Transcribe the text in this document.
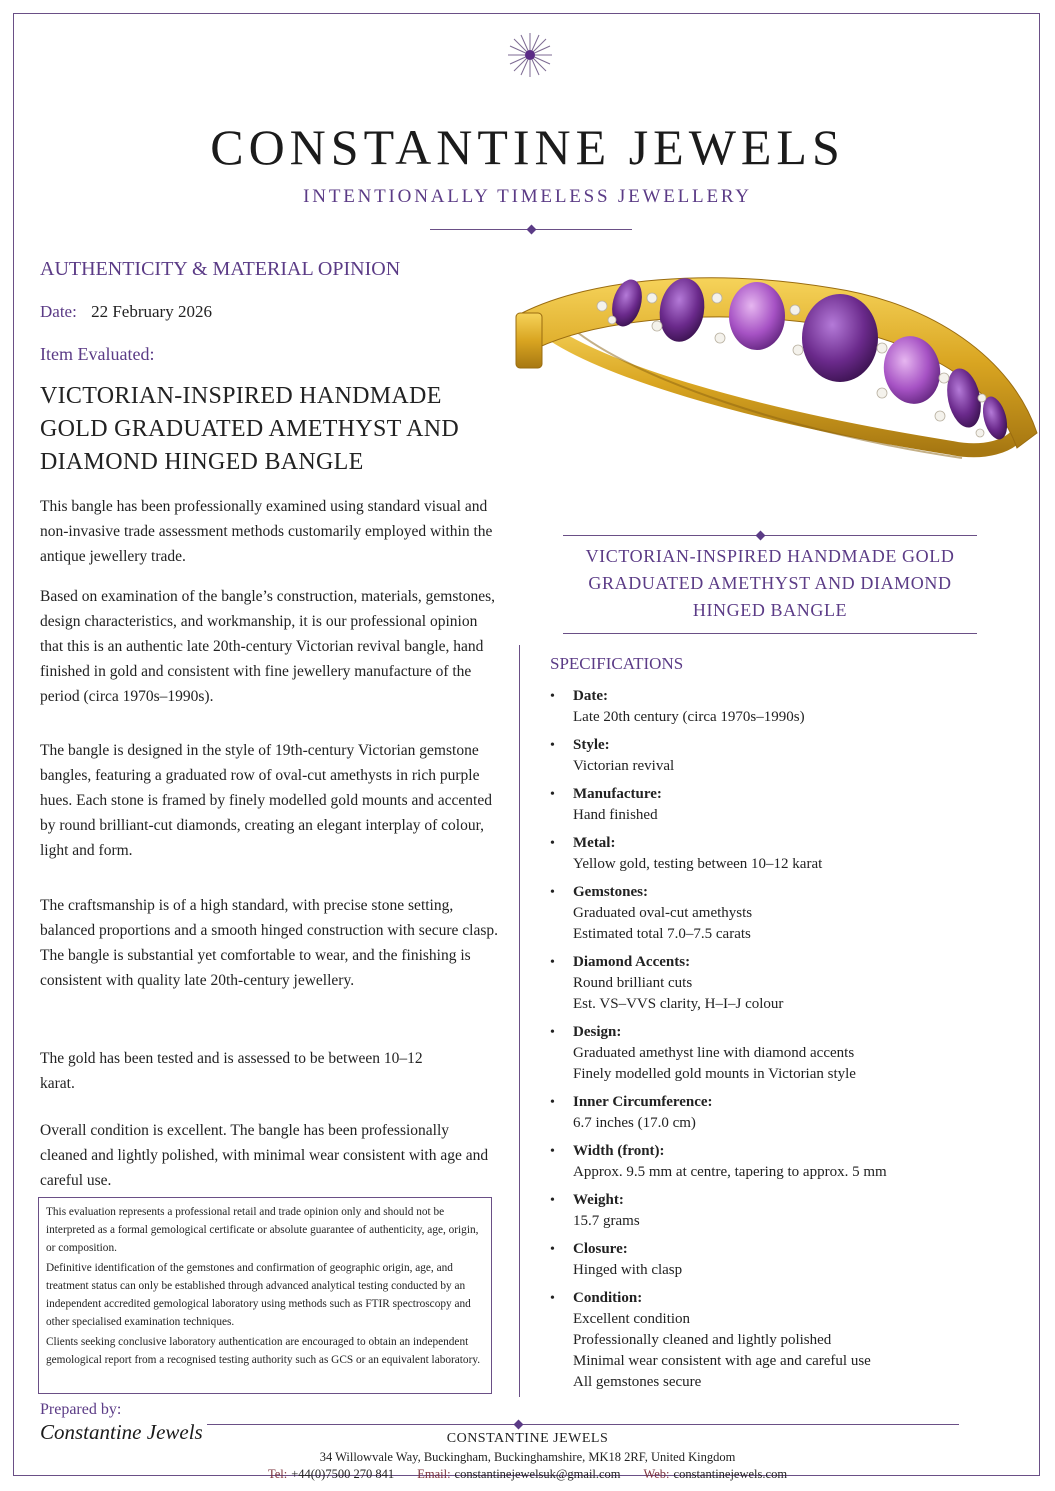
CONSTANTINE JEWELS
INTENTIONALLY TIMELESS JEWELLERY
AUTHENTICITY & MATERIAL OPINION
Date: 22 February 2026
Item Evaluated:
VICTORIAN-INSPIRED HANDMADE GOLD GRADUATED AMETHYST AND DIAMOND HINGED BANGLE
This bangle has been professionally examined using standard visual and non-invasive trade assessment methods customarily employed within the antique jewellery trade.
Based on examination of the bangle’s construction, materials, gemstones, design characteristics, and workmanship, it is our professional opinion that this is an authentic late 20th-century Victorian revival bangle, hand finished in gold and consistent with fine jewellery manufacture of the period (circa 1970s–1990s).
The bangle is designed in the style of 19th-century Victorian gemstone bangles, featuring a graduated row of oval-cut amethysts in rich purple hues. Each stone is framed by finely modelled gold mounts and accented by round brilliant-cut diamonds, creating an elegant interplay of colour, light and form.
The craftsmanship is of a high standard, with precise stone setting, balanced proportions and a smooth hinged construction with secure clasp. The bangle is substantial yet comfortable to wear, and the finishing is consistent with quality late 20th-century jewellery.
The gold has been tested and is assessed to be between 10–12 karat.
Overall condition is excellent. The bangle has been professionally cleaned and lightly polished, with minimal wear consistent with age and careful use.

This evaluation represents a professional retail and trade opinion only and should not be interpreted as a formal gemological certificate or absolute guarantee of authenticity, age, origin, or composition.

Definitive identification of the gemstones and confirmation of geographic origin, age, and treatment status can only be established through advanced analytical testing conducted by an independent accredited gemological laboratory using methods such as FTIR spectroscopy and other specialised examination techniques.

Clients seeking conclusive laboratory authentication are encouraged to obtain an independent gemological report from a recognised testing authority such as GCS or an equivalent laboratory.

Prepared by:
Constantine Jewels
VICTORIAN-INSPIRED HANDMADE GOLD GRADUATED AMETHYST AND DIAMOND HINGED BANGLE
SPECIFICATIONS
•	Date:
Late 20th century (circa 1970s–1990s)
•	Style:
Victorian revival
•	Manufacture:
Hand finished
•	Metal:
Yellow gold, testing between 10–12 karat
•	Gemstones:
Graduated oval-cut amethysts
Estimated total 7.0–7.5 carats
•	Diamond Accents:
Round brilliant cuts
Est. VS–VVS clarity, H–I–J colour
•	Design:
Graduated amethyst line with diamond accents
Finely modelled gold mounts in Victorian style
•	Inner Circumference:
6.7 inches (17.0 cm)
•	Width (front):
Approx. 9.5 mm at centre, tapering to approx. 5 mm
•	Weight:
15.7 grams
•	Closure:
Hinged with clasp
•	Condition:
Excellent condition
Professionally cleaned and lightly polished
Minimal wear consistent with age and careful use
All gemstones secure
CONSTANTINE JEWELS
34 Willowvale Way, Buckingham, Buckinghamshire, MK18 2RF, United Kingdom
Tel: +44(0)7500 270 841 Email: constantinejewelsuk@gmail.com Web: constantinejewels.com
